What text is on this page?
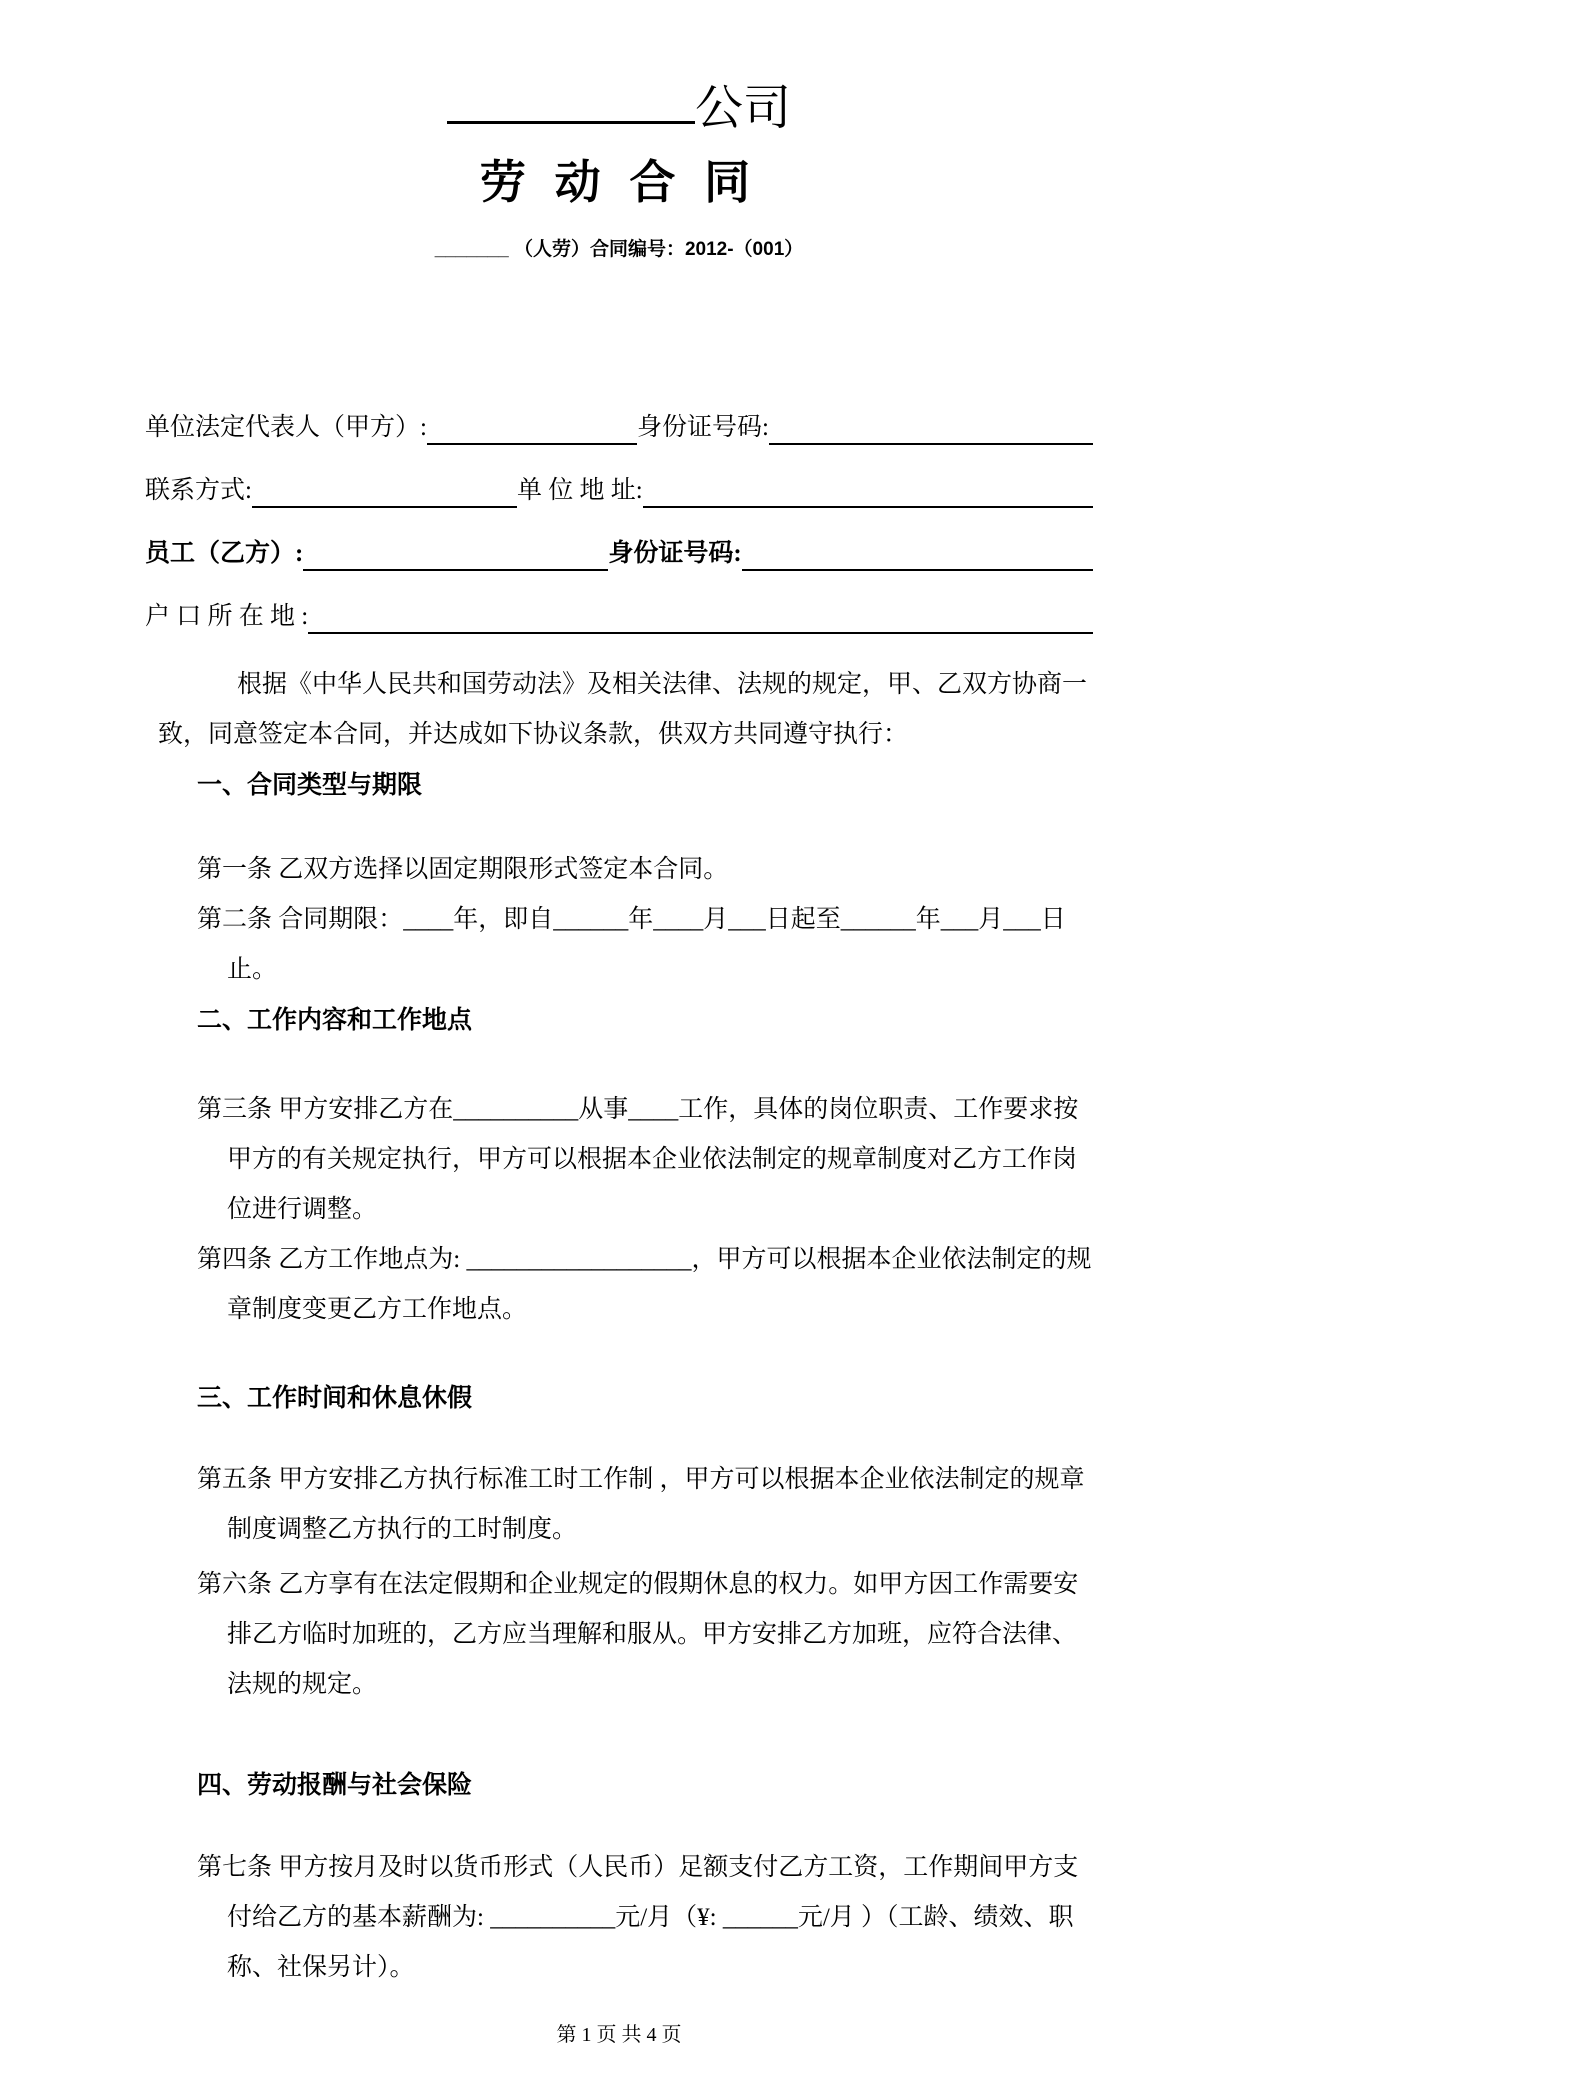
公司
劳 动 合 同
_______ （人劳）合同编号：2012-（001）
单位法定代表人（甲方）:	身份证号码:
联系方式:	单 位 地 址:
员工（乙方）:	身份证号码:
户 口 所 在 地 :

根据《中华人民共和国劳动法》及相关法律、法规的规定，甲、乙双方协商一致，同意签定本合同，并达成如下协议条款，供双方共同遵守执行：

一、合同类型与期限
第一条 乙双方选择以固定期限形式签定本合同。
第二条 合同期限：____年，即自______年____月___日起至______年___月___日止。
二、工作内容和工作地点
第三条 甲方安排乙方在__________从事____工作，具体的岗位职责、工作要求按甲方的有关规定执行，甲方可以根据本企业依法制定的规章制度对乙方工作岗位进行调整。
第四条 乙方工作地点为: __________________，甲方可以根据本企业依法制定的规章制度变更乙方工作地点。
三、工作时间和休息休假
第五条 甲方安排乙方执行标准工时工作制 ，甲方可以根据本企业依法制定的规章制度调整乙方执行的工时制度。
第六条 乙方享有在法定假期和企业规定的假期休息的权力。如甲方因工作需要安排乙方临时加班的，乙方应当理解和服从。甲方安排乙方加班，应符合法律、法规的规定。
四、劳动报酬与社会保险
第七条 甲方按月及时以货币形式（人民币）足额支付乙方工资，工作期间甲方支付给乙方的基本薪酬为: __________元/月（¥: ______元/月 ）（工龄、绩效、职称、社保另计）。
第 1 页 共 4 页
